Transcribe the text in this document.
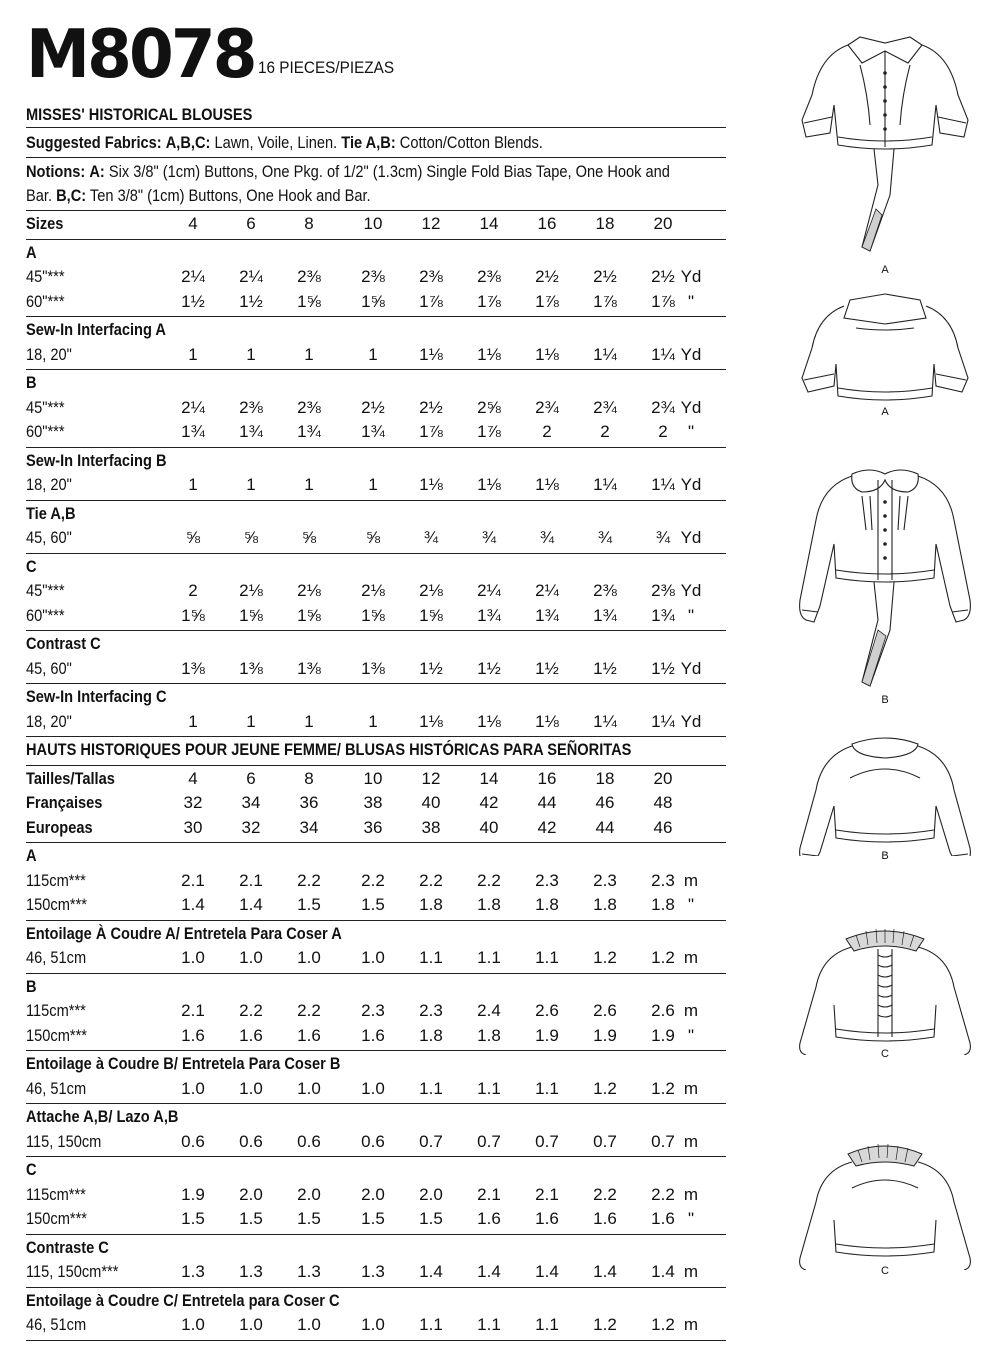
M8078 16 PIECES/PIEZAS
MISSES' HISTORICAL BLOUSES
Suggested Fabrics: A,B,C: Lawn, Voile, Linen. Tie A,B: Cotton/Cotton Blends.
Notions: A: Six 3/8" (1cm) Buttons, One Pkg. of 1/2" (1.3cm) Single Fold Bias Tape, One Hook and
Bar. B,C: Ten 3/8" (1cm) Buttons, One Hook and Bar.
Sizes	4	6	8	10	12	14	16	18	20
A
45"***	2¼	2¼	2⅜	2⅜	2⅜	2⅜	2½	2½	2½ Yd
60"***	1½	1½	1⅝	1⅝	1⅞	1⅞	1⅞	1⅞	1⅞ "
Sew-In Interfacing A
18, 20"	1	1	1	1	1⅛	1⅛	1⅛	1¼	1¼ Yd
B
45"***	2¼	2⅜	2⅜	2½	2½	2⅝	2¾	2¾	2¾ Yd
60"***	1¾	1¾	1¾	1¾	1⅞	1⅞	2	2	2	"
Sew-In Interfacing B
18, 20"	1	1	1	1	1⅛	1⅛	1⅛	1¼	1¼ Yd
Tie A,B
45, 60"	⅝	⅝	⅝	⅝	¾	¾	¾	¾	¾ Yd
C
45"***	2	2⅛	2⅛	2⅛	2⅛	2¼	2¼	2⅜	2⅜ Yd
60"***	1⅝	1⅝	1⅝	1⅝	1⅝	1¾	1¾	1¾	1¾ "
Contrast C
45, 60"	1⅜	1⅜	1⅜	1⅜	1½	1½	1½	1½	1½ Yd
Sew-In Interfacing C
18, 20"	1	1	1	1	1⅛	1⅛	1⅛	1¼	1¼ Yd
HAUTS HISTORIQUES POUR JEUNE FEMME/ BLUSAS HISTÓRICAS PARA SEÑORITAS
Tailles/Tallas	4	6	8	10	12	14	16	18	20
Françaises	32	34	36	38	40	42	44	46	48
Europeas	30	32	34	36	38	40	42	44	46
A
115cm***	2.1	2.1	2.2	2.2	2.2	2.2	2.3	2.3	2.3 m
150cm***	1.4	1.4	1.5	1.5	1.8	1.8	1.8	1.8	1.8 "
Entoilage À Coudre A/ Entretela Para Coser A
46, 51cm	1.0	1.0	1.0	1.0	1.1	1.1	1.1	1.2	1.2 m
B
115cm***	2.1	2.2	2.2	2.3	2.3	2.4	2.6	2.6	2.6 m
150cm***	1.6	1.6	1.6	1.6	1.8	1.8	1.9	1.9	1.9 "
Entoilage à Coudre B/ Entretela Para Coser B
46, 51cm	1.0	1.0	1.0	1.0	1.1	1.1	1.1	1.2	1.2 m
Attache A,B/ Lazo A,B
115, 150cm	0.6	0.6	0.6	0.6	0.7	0.7	0.7	0.7	0.7 m
C
115cm***	1.9	2.0	2.0	2.0	2.0	2.1	2.1	2.2	2.2 m
150cm***	1.5	1.5	1.5	1.5	1.5	1.6	1.6	1.6	1.6 "
Contraste C
115, 150cm***	1.3	1.3	1.3	1.3	1.4	1.4	1.4	1.4	1.4 m
Entoilage à Coudre C/ Entretela para Coser C
46, 51cm	1.0	1.0	1.0	1.0	1.1	1.1	1.1	1.2	1.2 m
A
A
B
B
C
C
